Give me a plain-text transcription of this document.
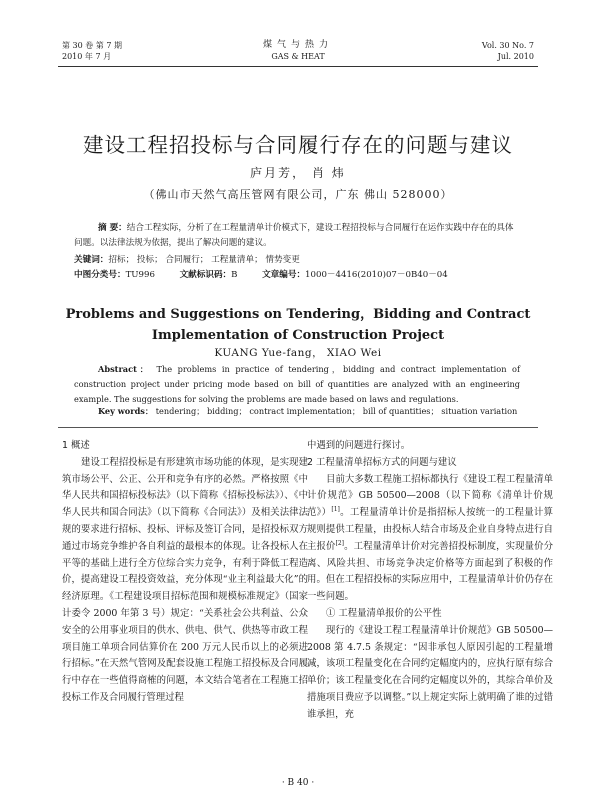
第 30 卷 第 7 期
2010 年 7 月
煤气与热力
GAS & HEAT
Vol. 30 No. 7
Jul. 2010
建设工程招投标与合同履行存在的问题与建议
庐月芳， 肖 炜
（佛山市天然气高压管网有限公司，广东 佛山 528000）
摘 要：结合工程实际，分析了在工程量清单计价模式下，建设工程招投标与合同履行在运作实践中存在的具体问题。以法律法规为依据，提出了解决问题的建议。
关键词：招标； 投标； 合同履行； 工程量清单； 情势变更
中图分类号：TU996	文献标识码：B	文章编号：1000－4416(2010)07－0B40－04
Problems and Suggestions on Tendering，Bidding and Contract
Implementation of Construction Project
KUANG Yue-fang， XIAO Wei
Abstract： The problems in practice of tendering，bidding and contract implementation of construction project under pricing mode based on bill of quantities are analyzed with an engineering example. The suggestions for solving the problems are made based on laws and regulations.
Key words： tendering； bidding； contract implementation； bill of quantities； situation variation

1 概述

建设工程招投标是有形建筑市场功能的体现，是实现建筑市场公平、公正、公开和竞争有序的必然。严格按照《中华人民共和国招标投标法》（以下简称《招标投标法》）、《中华人民共和国合同法》（以下简称《合同法》）及相关法律法规的要求进行招标、投标、评标及签订合同，是招投标双方通过市场竞争维护各自利益的最根本的体现。让各投标人在平等的基础上进行全方位综合实力竞争，有利于降低工程造价，提高建设工程投资效益，充分体现“业主利益最大化”的经济原理。《工程建设项目招标范围和规模标准规定》（国家计委令 2000 年第 3 号）规定：“关系社会公共利益、公众安全的公用事业项目的供水、供电、供气、供热等市政工程项目施工单项合同估算价在 200 万元人民币以上的必须进行招标。”在天然气管网及配套设施工程施工招投标及合同履行中存在一些值得商榷的问题，本文结合笔者在工程施工招投标工作及合同履行管理过程

中遇到的问题进行探讨。

2 工程量清单招标方式的问题与建议

目前大多数工程施工招标都执行《建设工程工程量清单计价规范》GB 50500—2008（以下简称《清单计价规范》）[1]。工程量清单计价是指招标人按统一的工程量计算规则提供工程量，由投标人结合市场及企业自身特点进行自主报价[2]。工程量清单计价对完善招投标制度，实现量价分离、风险共担、市场竞争决定价格等方面起到了积极的作用。但在工程招投标的实际应用中，工程量清单计价仍存在一些问题。

① 工程量清单报价的公平性

现行的《建设工程工程量清单计价规范》GB 50500—2008 第 4.7.5 条规定：“因非承包人原因引起的工程量增减，该项工程量变化在合同约定幅度内的，应执行原有综合单价；该工程量变化在合同约定幅度以外的，其综合单价及措施项目费应予以调整。”以上规定实际上就明确了谁的过错谁承担，充

· B 40 ·
